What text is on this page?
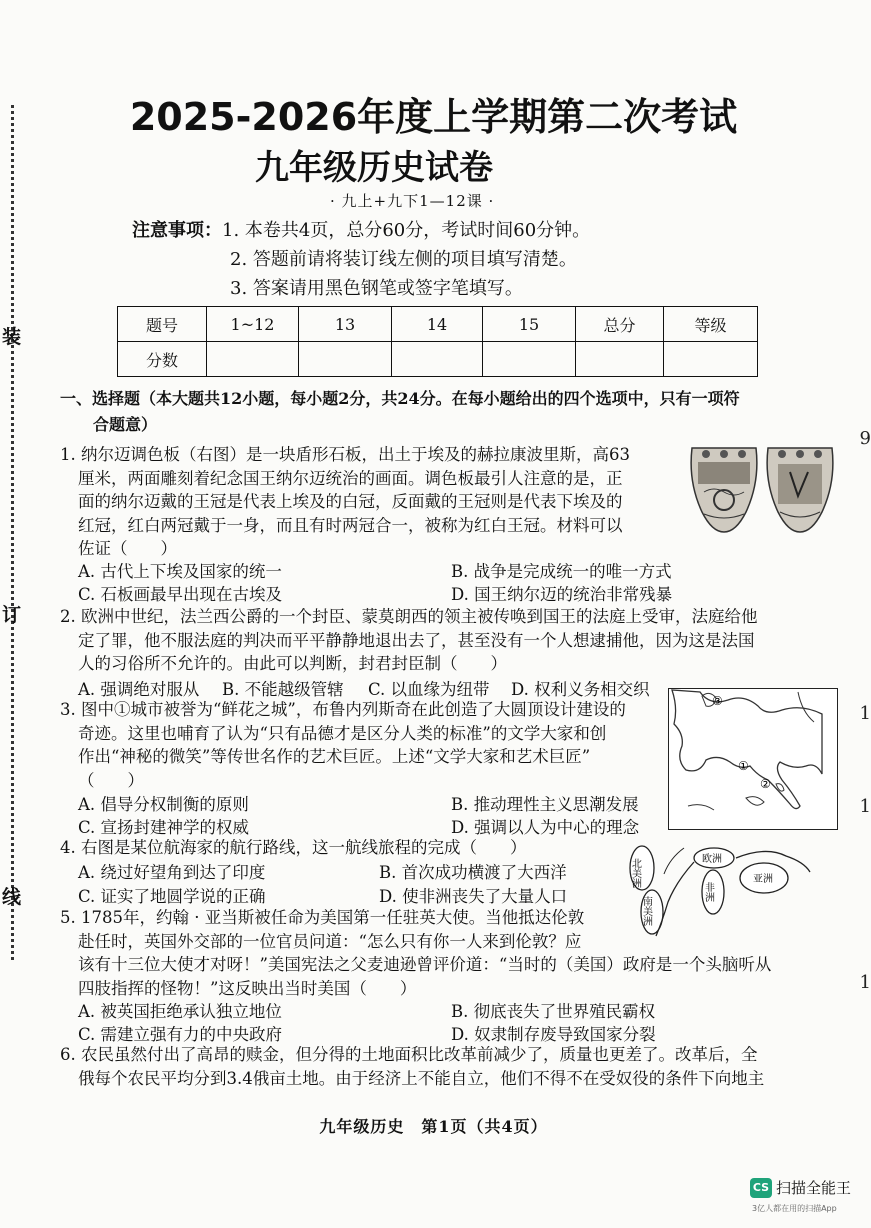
装
订
线
9
1
1
1
2025-2026年度上学期第二次考试
九年级历史试卷
· 九上+九下1—12课 ·
注意事项：1. 本卷共4页，总分60分，考试时间60分钟。
2. 答题前请将装订线左侧的项目填写清楚。
3. 答案请用黑色钢笔或签字笔填写。
题号	1~12	13	14	15	总分	等级
分数						
一、选择题（本大题共12小题，每小题2分，共24分。在每小题给出的四个选项中，只有一项符
合题意）
1. 纳尔迈调色板（右图）是一块盾形石板，出土于埃及的赫拉康波里斯，高63
厘米，两面雕刻着纪念国王纳尔迈统治的画面。调色板最引人注意的是，正
面的纳尔迈戴的王冠是代表上埃及的白冠，反面戴的王冠则是代表下埃及的
红冠，红白两冠戴于一身，而且有时两冠合一，被称为红白王冠。材料可以
佐证（　　）
A. 古代上下埃及国家的统一	B. 战争是完成统一的唯一方式
C. 石板画最早出现在古埃及	D. 国王纳尔迈的统治非常残暴
2. 欧洲中世纪，法兰西公爵的一个封臣、蒙莫朗西的领主被传唤到国王的法庭上受审，法庭给他
定了罪，他不服法庭的判决而平平静静地退出去了，甚至没有一个人想逮捕他，因为这是法国
人的习俗所不允许的。由此可以判断，封君封臣制（　　）
A. 强调绝对服从 B. 不能越级管辖 C. 以血缘为纽带 D. 权利义务相交织
3. 图中①城市被誉为“鲜花之城”，布鲁内列斯奇在此创造了大圆顶设计建设的
奇迹。这里也哺育了认为“只有品德才是区分人类的标准”的文学大家和创
作出“神秘的微笑”等传世名作的艺术巨匠。上述“文学大家和艺术巨匠”
（　　）
A. 倡导分权制衡的原则	B. 推动理性主义思潮发展
C. 宣扬封建神学的权威	D. 强调以人为中心的理念
③
①
②
4. 右图是某位航海家的航行路线，这一航线旅程的完成（　　）
A. 绕过好望角到达了印度	B. 首次成功横渡了大西洋
C. 证实了地圆学说的正确	D. 使非洲丧失了大量人口
北美洲
南美洲
欧洲
非洲
亚洲
5. 1785年，约翰 · 亚当斯被任命为美国第一任驻英大使。当他抵达伦敦
赴任时，英国外交部的一位官员问道：“怎么只有你一人来到伦敦？应
该有十三位大使才对呀！”美国宪法之父麦迪逊曾评价道：“当时的（美国）政府是一个头脑听从
四肢指挥的怪物！”这反映出当时美国（　　）
A. 被英国拒绝承认独立地位	B. 彻底丧失了世界殖民霸权
C. 需建立强有力的中央政府	D. 奴隶制存废导致国家分裂
6. 农民虽然付出了高昂的赎金，但分得的土地面积比改革前减少了，质量也更差了。改革后，全
俄每个农民平均分到3.4俄亩土地。由于经济上不能自立，他们不得不在受奴役的条件下向地主
九年级历史　第1页（共4页）
CS 扫描全能王
3亿人都在用的扫描App
